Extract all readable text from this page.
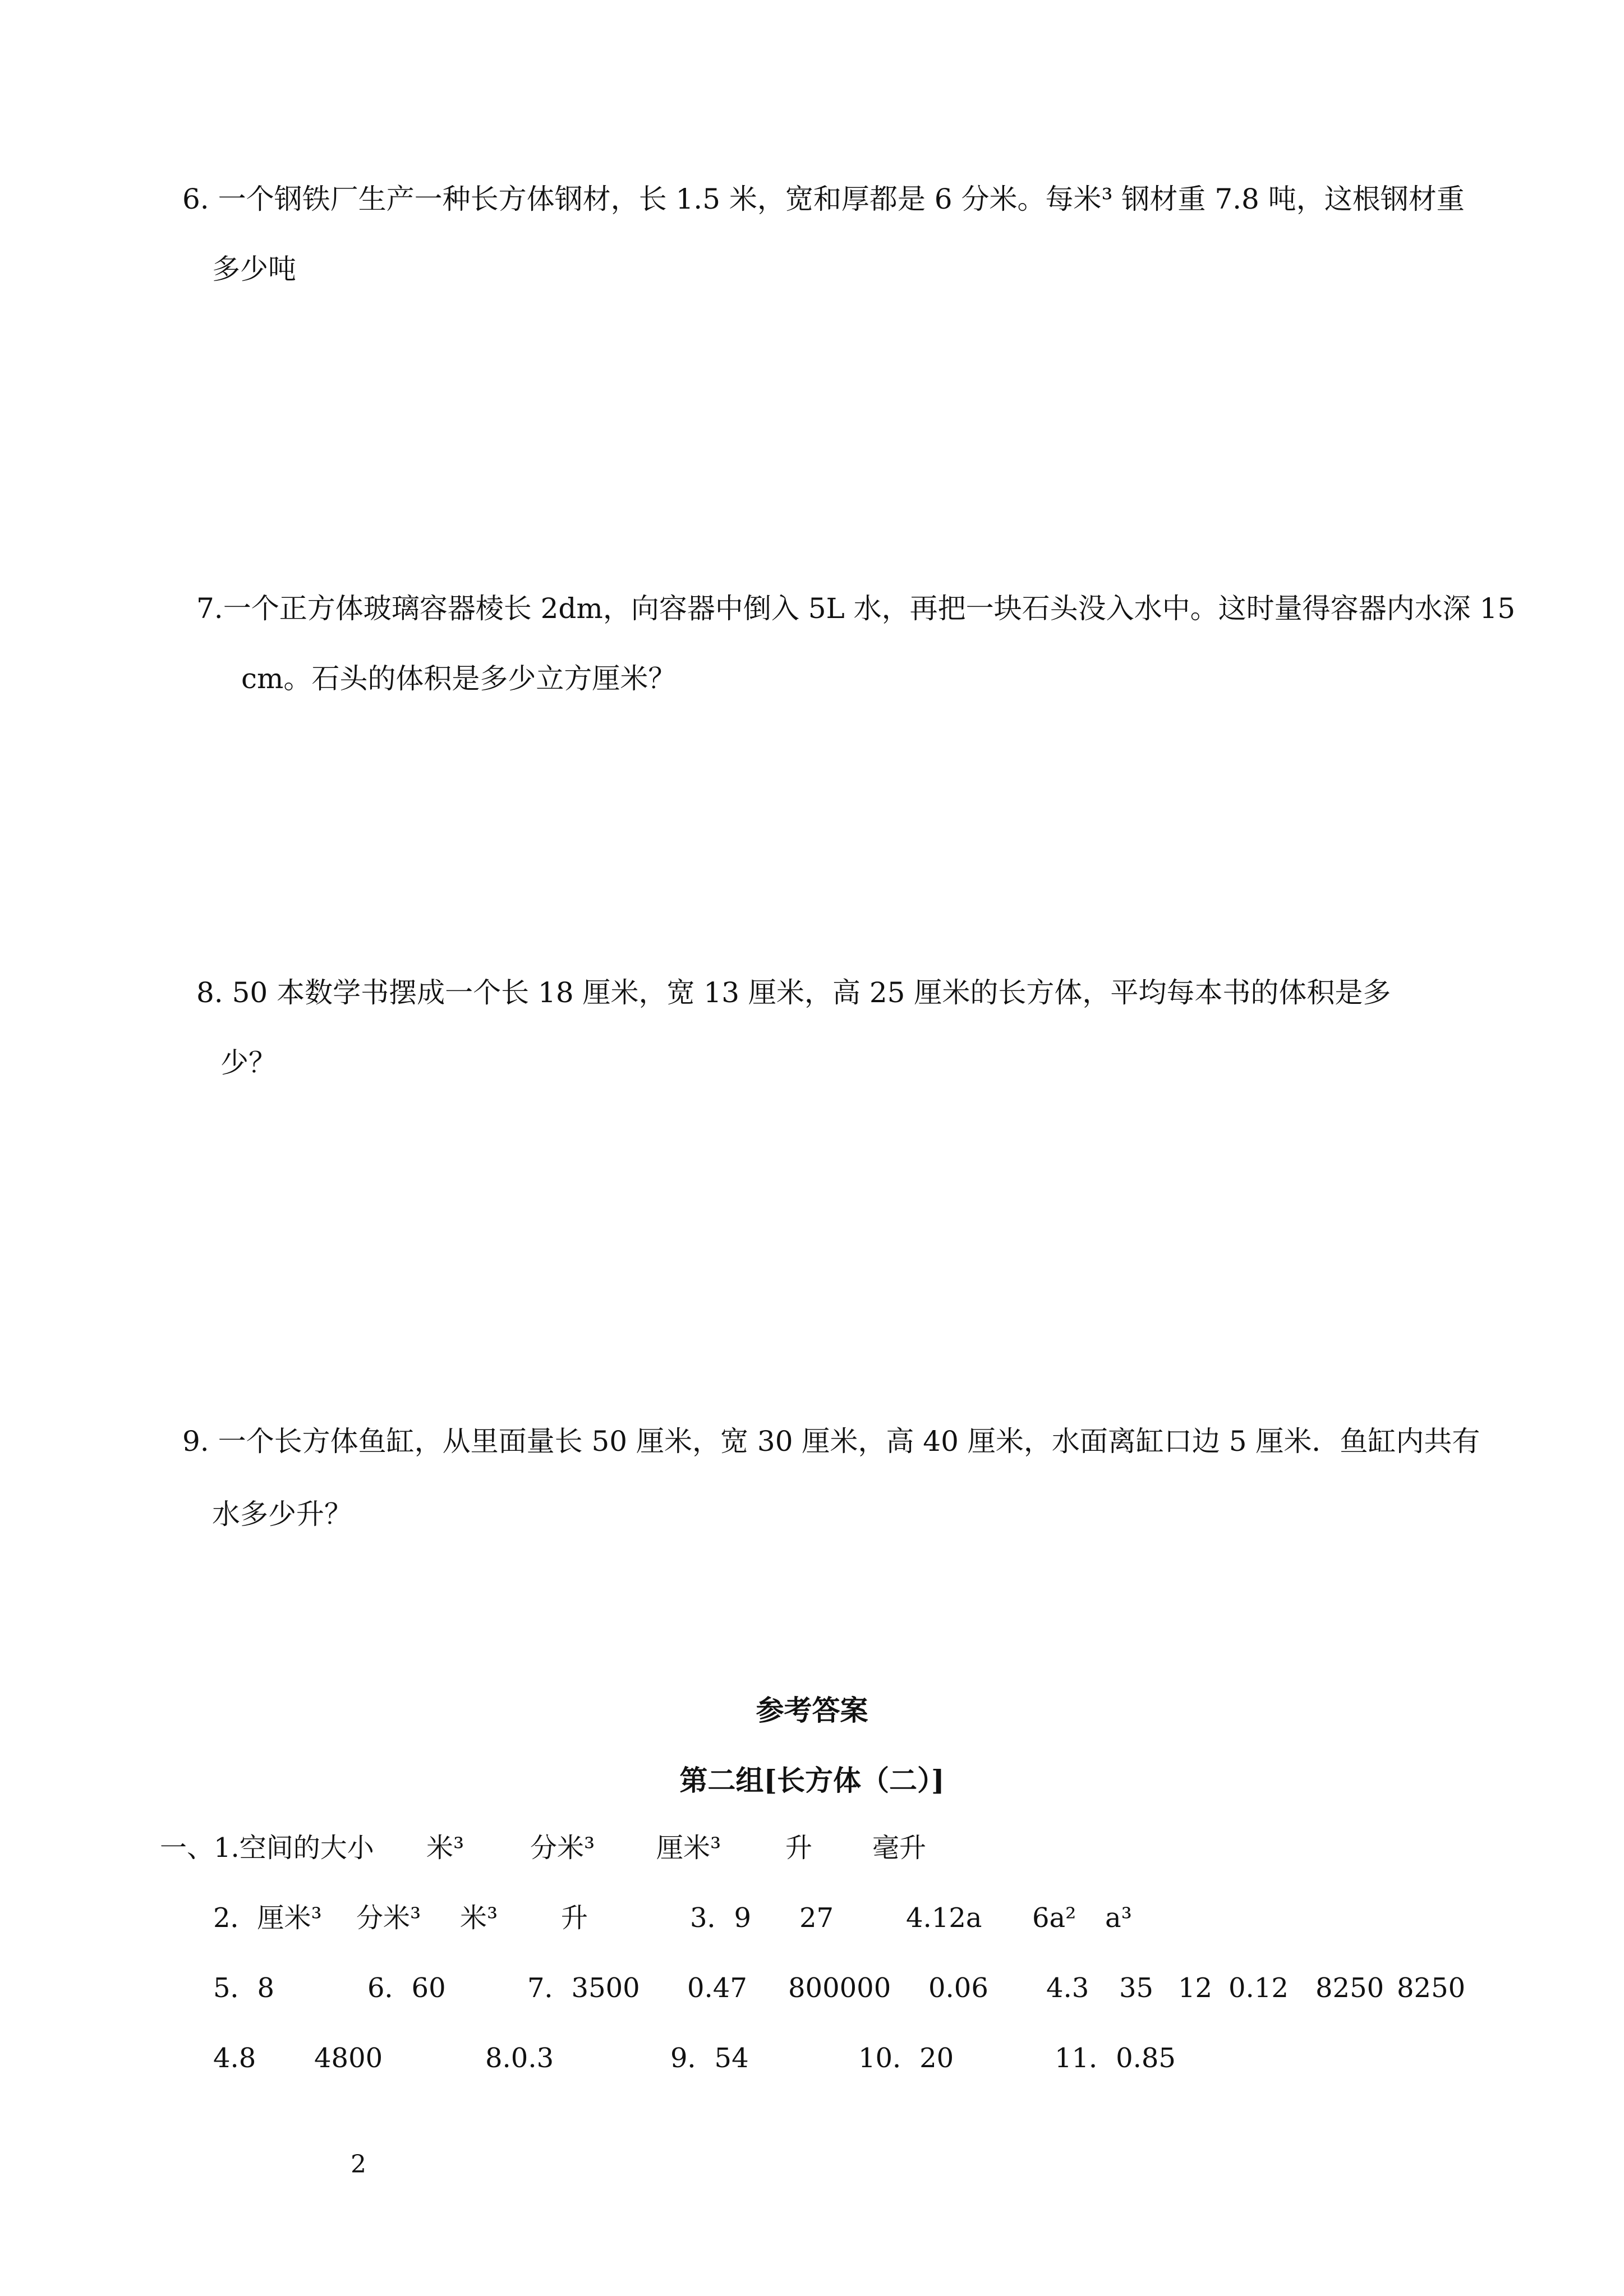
6. 一个钢铁厂生产一种长方体钢材，长 1.5 米，宽和厚都是 6 分米。每米³ 钢材重 7.8 吨，这根钢材重
多少吨
7.一个正方体玻璃容器棱长 2dm，向容器中倒入 5L 水，再把一块石头没入水中。这时量得容器内水深 15
cm。石头的体积是多少立方厘米？
8. 50 本数学书摆成一个长 18 厘米，宽 13 厘米，高 25 厘米的长方体，平均每本书的体积是多
少？
9. 一个长方体鱼缸，从里面量长 50 厘米，宽 30 厘米，高 40 厘米，水面离缸口边 5 厘米．鱼缸内共有
水多少升？
参考答案
第二组[长方体（二）]
一、1.空间的大小 米³ 分米³ 厘米³ 升 毫升
2．厘米³ 分米³ 米³ 升	3．9 27	4.12a 6a² a³
5．8	6．60	7．3500 0.47 800000 0.06 4.3 35 12 0.12 8250 8250
4.8 4800	8.0.3	9．54	10．20	11．0.85
2
